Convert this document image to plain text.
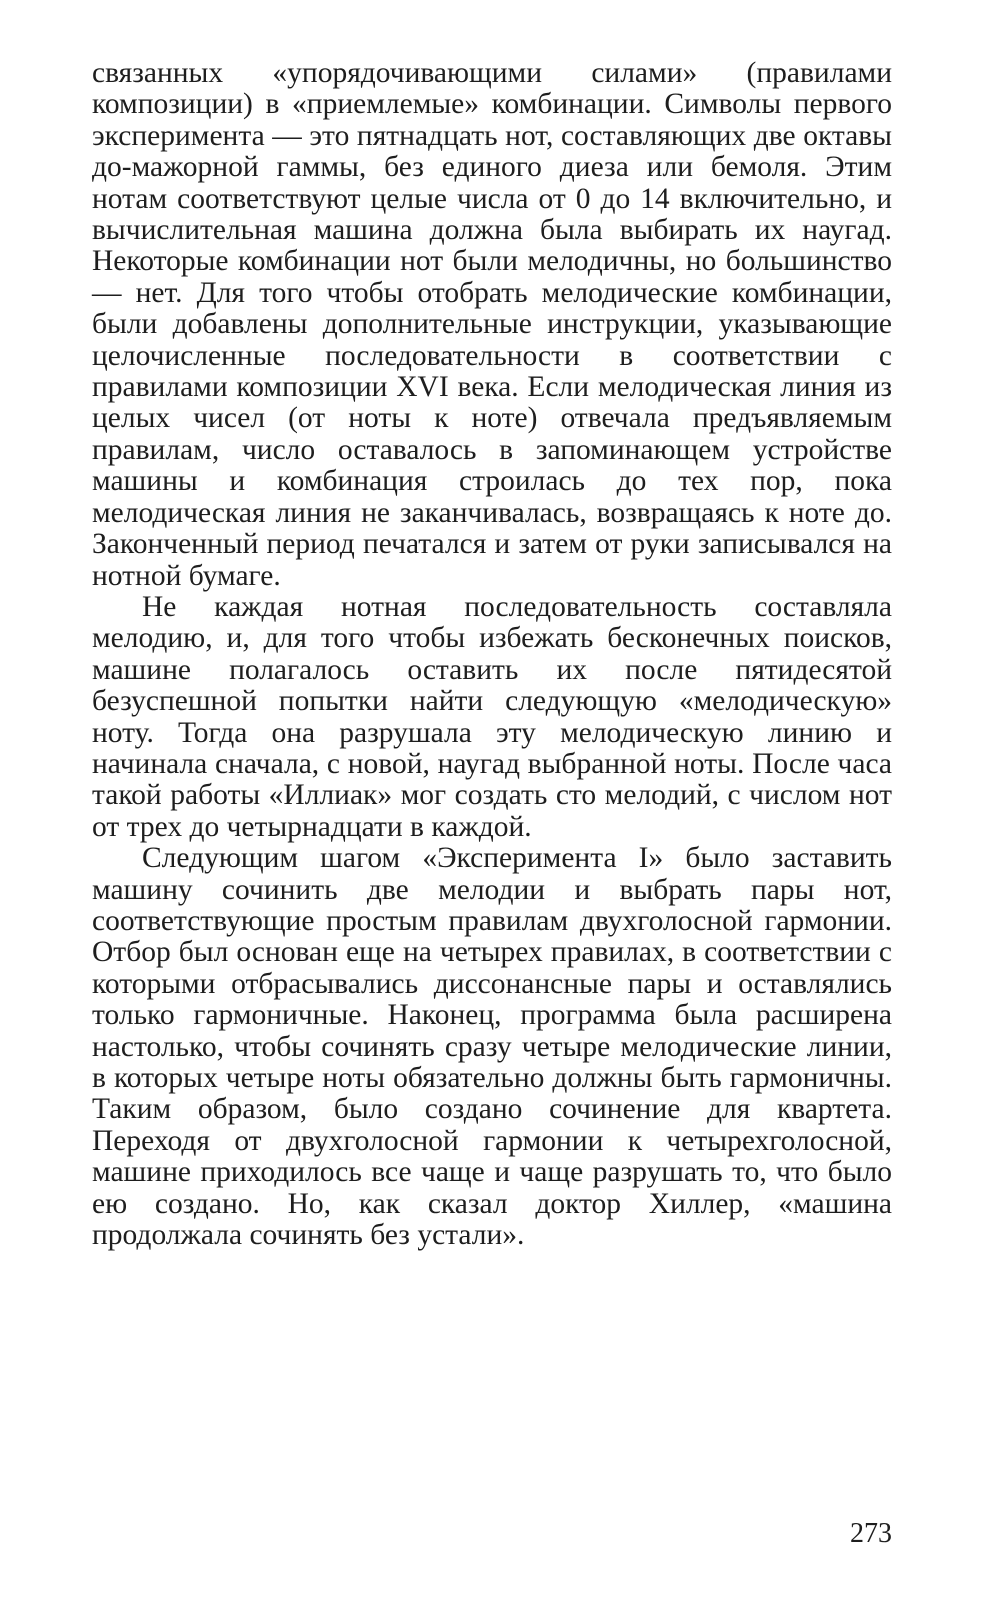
связанных «упорядочивающими силами» (правилами композиции) в «приемлемые» комбинации. Символы первого эксперимента — это пятнадцать нот, составляющих две октавы до-мажорной гаммы, без единого диеза или бемоля. Этим нотам соответствуют целые числа от 0 до 14 включительно, и вычислительная машина должна была выбирать их наугад. Некоторые комбинации нот были мелодичны, но большинство — нет. Для того чтобы отобрать мелодические комбинации, были добавлены дополнительные инструкции, указывающие целочисленные последовательности в соответствии с правилами композиции XVI века. Если мелодическая линия из целых чисел (от ноты к ноте) отвечала предъявляемым правилам, число оставалось в запоминающем устройстве машины и комбинация строилась до тех пор, пока мелодическая линия не заканчивалась, возвращаясь к ноте до. Законченный период печатался и затем от руки записывался на нотной бумаге.

Не каждая нотная последовательность составляла мелодию, и, для того чтобы избежать бесконечных поисков, машине полагалось оставить их после пятидесятой безуспешной попытки найти следующую «мелодическую» ноту. Тогда она разрушала эту мелодическую линию и начинала сначала, с новой, наугад выбранной ноты. После часа такой работы «Иллиак» мог создать сто мелодий, с числом нот от трех до четырнадцати в каждой.

Следующим шагом «Эксперимента I» было заставить машину сочинить две мелодии и выбрать пары нот, соответствующие простым правилам двухголосной гармонии. Отбор был основан еще на четырех правилах, в соответствии с которыми отбрасывались диссонансные пары и оставлялись только гармоничные. Наконец, программа была расширена настолько, чтобы сочинять сразу четыре мелодические линии, в которых четыре ноты обязательно должны быть гармоничны. Таким образом, было создано сочинение для квартета. Переходя от двухголосной гармонии к четырехголосной, машине приходилось все чаще и чаще разрушать то, что было ею создано. Но, как сказал доктор Хиллер, «машина продолжала сочинять без устали».

273
